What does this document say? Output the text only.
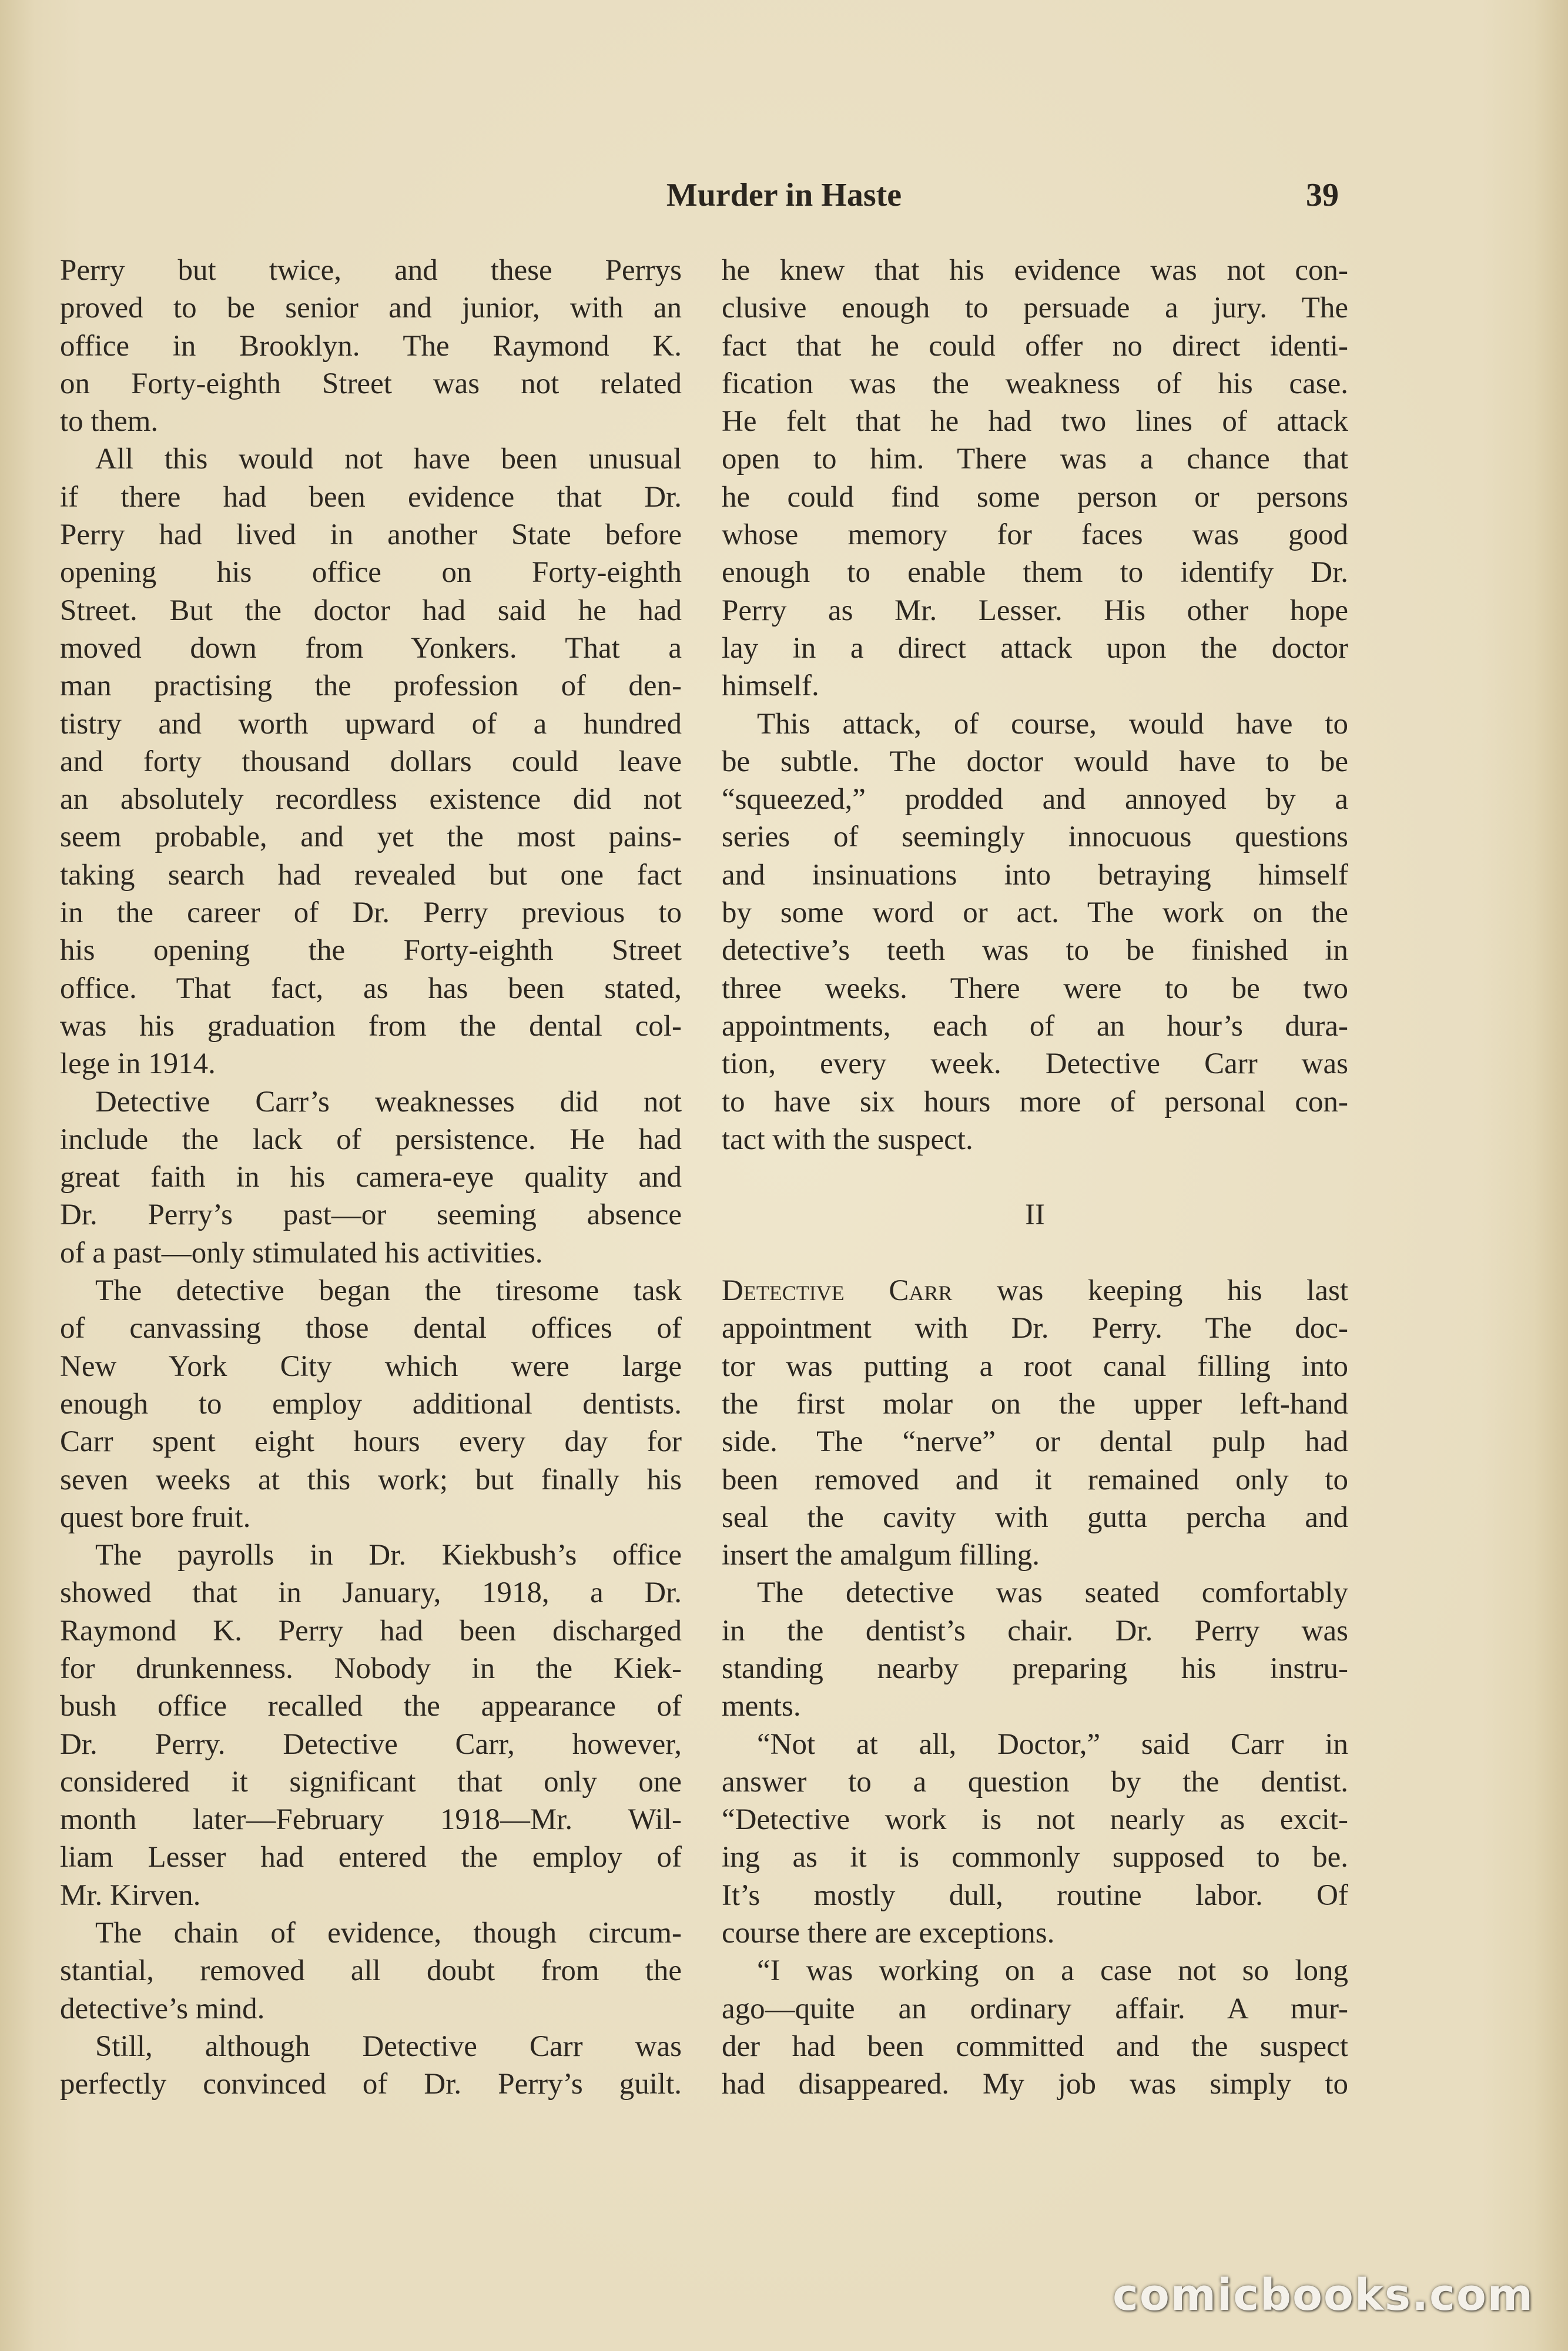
Murder in Haste	39
Perry but twice, and these Perrys
proved to be senior and junior, with an
office in Brooklyn. The Raymond K.
on Forty-eighth Street was not related
to them.
All this would not have been unusual
if there had been evidence that Dr.
Perry had lived in another State before
opening his office on Forty-eighth
Street. But the doctor had said he had
moved down from Yonkers. That a
man practising the profession of den-
tistry and worth upward of a hundred
and forty thousand dollars could leave
an absolutely recordless existence did not
seem probable, and yet the most pains-
taking search had revealed but one fact
in the career of Dr. Perry previous to
his opening the Forty-eighth Street
office. That fact, as has been stated,
was his graduation from the dental col-
lege in 1914.
Detective Carr’s weaknesses did not
include the lack of persistence. He had
great faith in his camera-eye quality and
Dr. Perry’s past—or seeming absence
of a past—only stimulated his activities.
The detective began the tiresome task
of canvassing those dental offices of
New York City which were large
enough to employ additional dentists.
Carr spent eight hours every day for
seven weeks at this work; but finally his
quest bore fruit.
The payrolls in Dr. Kiekbush’s office
showed that in January, 1918, a Dr.
Raymond K. Perry had been discharged
for drunkenness. Nobody in the Kiek-
bush office recalled the appearance of
Dr. Perry. Detective Carr, however,
considered it significant that only one
month later—February 1918—Mr. Wil-
liam Lesser had entered the employ of
Mr. Kirven.
The chain of evidence, though circum-
stantial, removed all doubt from the
detective’s mind.
Still, although Detective Carr was
perfectly convinced of Dr. Perry’s guilt.
he knew that his evidence was not con-
clusive enough to persuade a jury. The
fact that he could offer no direct identi-
fication was the weakness of his case.
He felt that he had two lines of attack
open to him. There was a chance that
he could find some person or persons
whose memory for faces was good
enough to enable them to identify Dr.
Perry as Mr. Lesser. His other hope
lay in a direct attack upon the doctor
himself.
This attack, of course, would have to
be subtle. The doctor would have to be
“squeezed,” prodded and annoyed by a
series of seemingly innocuous questions
and insinuations into betraying himself
by some word or act. The work on the
detective’s teeth was to be finished in
three weeks. There were to be two
appointments, each of an hour’s dura-
tion, every week. Detective Carr was
to have six hours more of personal con-
tact with the suspect.
II
Detective Carr was keeping his last
appointment with Dr. Perry. The doc-
tor was putting a root canal filling into
the first molar on the upper left-hand
side. The “nerve” or dental pulp had
been removed and it remained only to
seal the cavity with gutta percha and
insert the amalgum filling.
The detective was seated comfortably
in the dentist’s chair. Dr. Perry was
standing nearby preparing his instru-
ments.
“Not at all, Doctor,” said Carr in
answer to a question by the dentist.
“Detective work is not nearly as excit-
ing as it is commonly supposed to be.
It’s mostly dull, routine labor. Of
course there are exceptions.
“I was working on a case not so long
ago—quite an ordinary affair. A mur-
der had been committed and the suspect
had disappeared. My job was simply to
comicbooks.com
